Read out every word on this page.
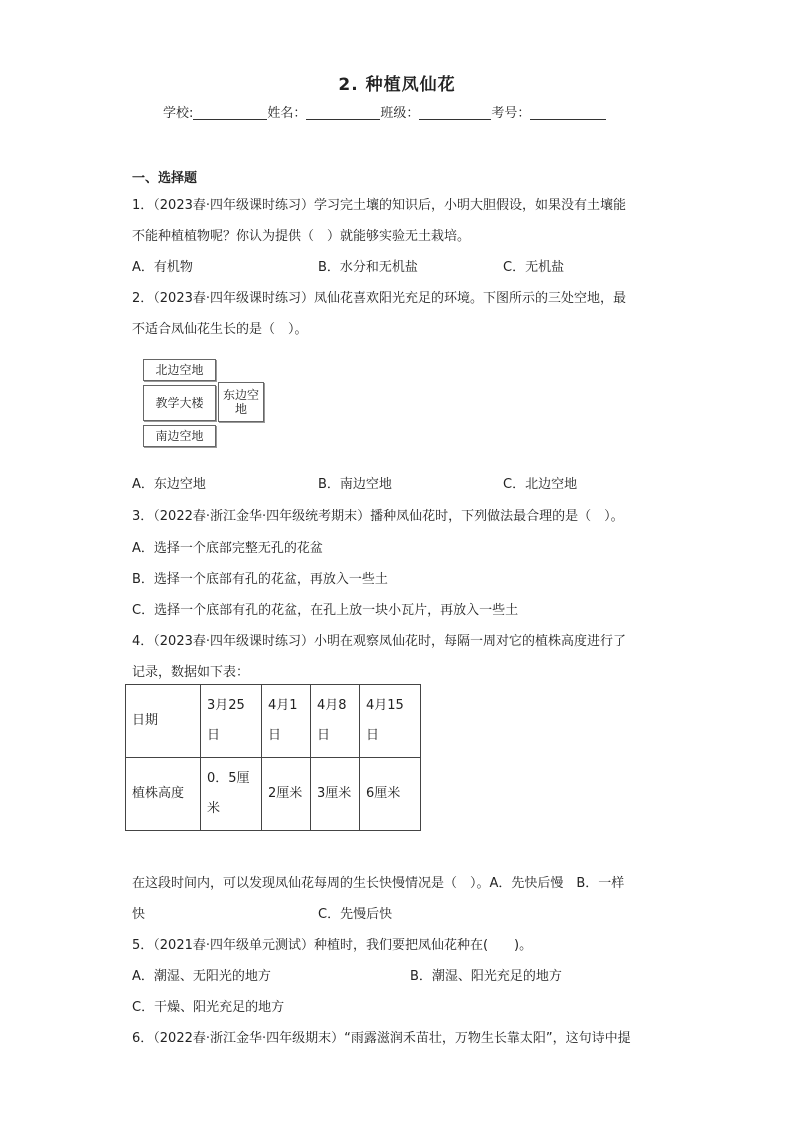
2. 种植凤仙花
学校:	姓名：	班级：	考号：
一、选择题
1．（2023春·四年级课时练习）学习完土壤的知识后，小明大胆假设，如果没有土壤能
不能种植植物呢？你认为提供（　）就能够实验无土栽培。
A．有机物	B．水分和无机盐	C．无机盐
2．（2023春·四年级课时练习）凤仙花喜欢阳光充足的环境。下图所示的三处空地，最
不适合凤仙花生长的是（　）。
北边空地
教学大楼
东边空地
南边空地
A．东边空地	B．南边空地	C．北边空地
3．（2022春·浙江金华·四年级统考期末）播种凤仙花时，下列做法最合理的是（　）。
A．选择一个底部完整无孔的花盆
B．选择一个底部有孔的花盆，再放入一些土
C．选择一个底部有孔的花盆，在孔上放一块小瓦片，再放入一些土
4．（2023春·四年级课时练习）小明在观察凤仙花时，每隔一周对它的植株高度进行了
记录，数据如下表：
日期	3月25日	4月1日	4月8日	4月15日
植株高度	0．5厘米	2厘米	3厘米	6厘米
在这段时间内，可以发现凤仙花每周的生长快慢情况是（　）。A．先快后慢　B．一样
快	C．先慢后快
5．（2021春·四年级单元测试）种植时，我们要把凤仙花种在(　　)。
A．潮湿、无阳光的地方	B．潮湿、阳光充足的地方
C．干燥、阳光充足的地方
6．（2022春·浙江金华·四年级期末）“雨露滋润禾苗壮，万物生长靠太阳”，这句诗中提
